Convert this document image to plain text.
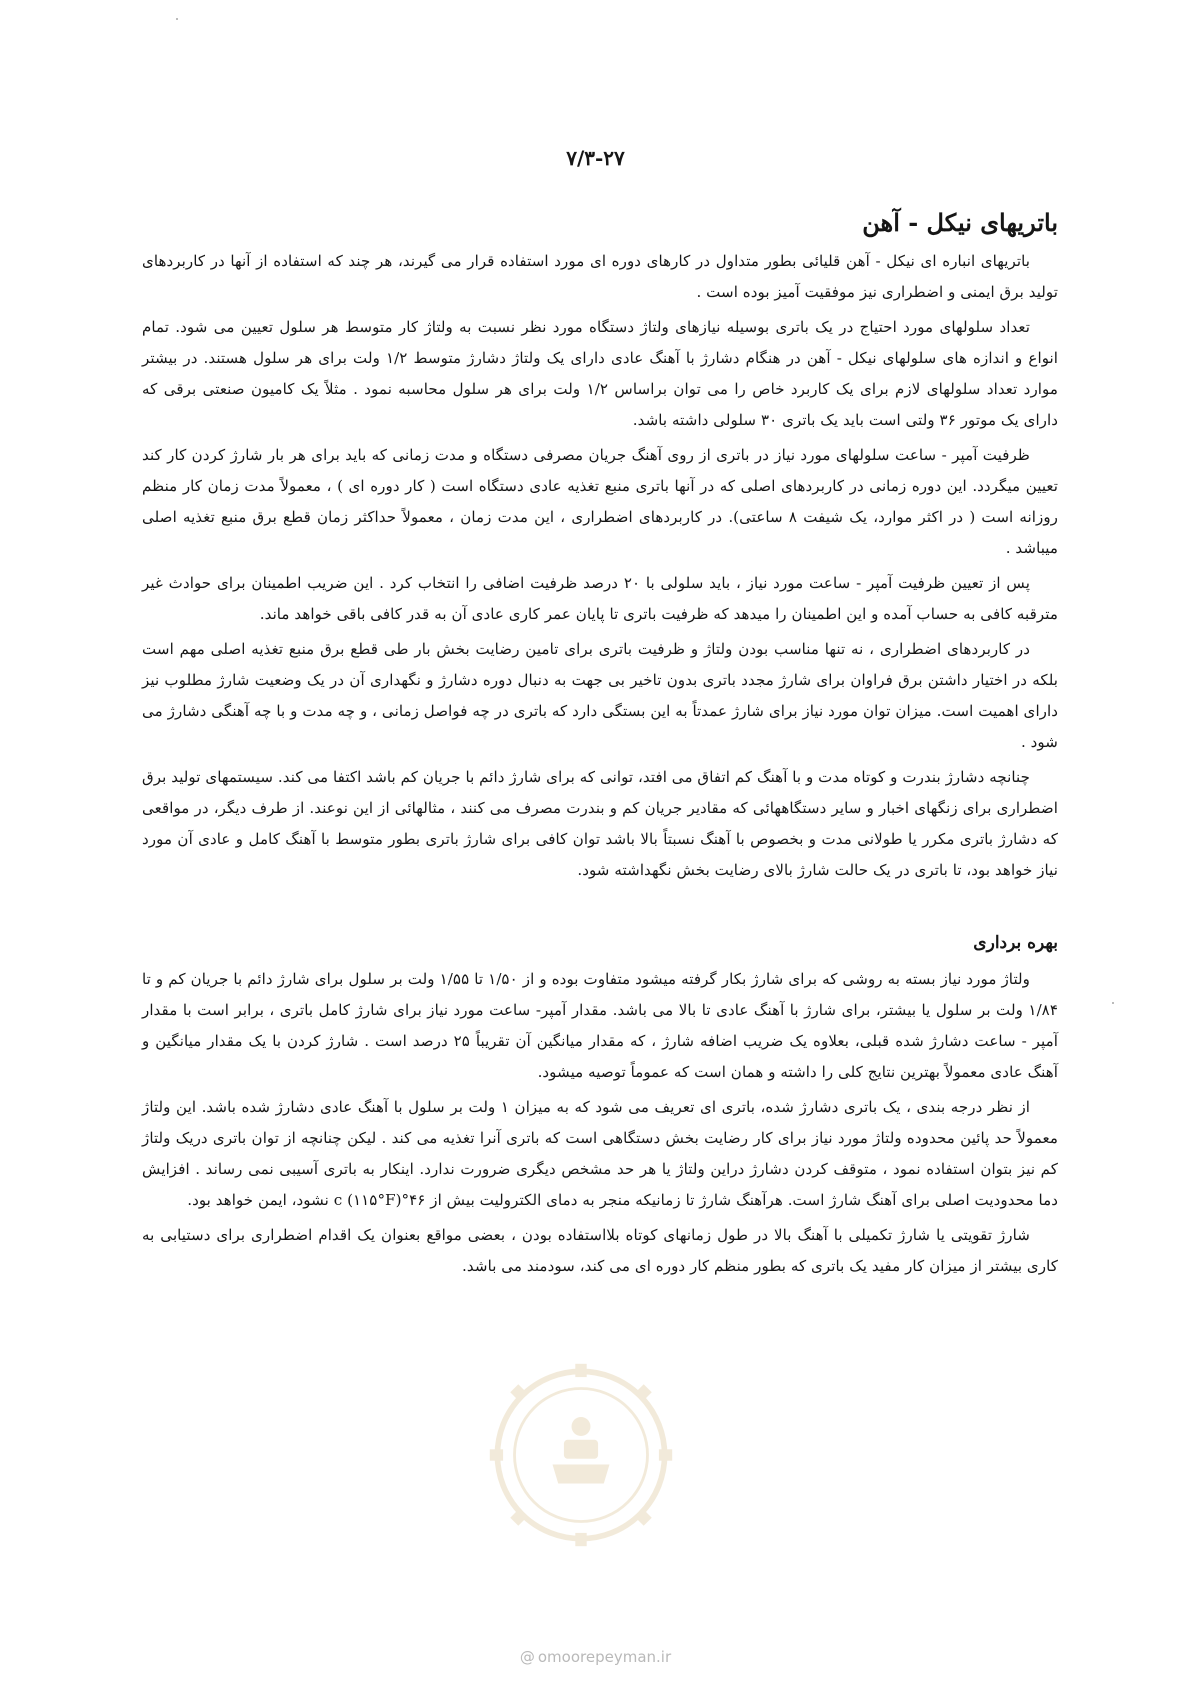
۷/۳-۲۷
باتریهای نیکل - آهن

باتریهای انباره ای نیکل - آهن قلیائی بطور متداول در کارهای دوره ای مورد استفاده قرار می گیرند، هر چند که استفاده از آنها در کاربردهای تولید برق ایمنی و اضطراری نیز موفقیت آمیز بوده است .

تعداد سلولهای مورد احتیاج در یک باتری بوسیله نیازهای ولتاژ دستگاه مورد نظر نسبت به ولتاژ کار متوسط هر سلول تعیین می شود. تمام انواع و اندازه های سلولهای نیکل - آهن در هنگام دشارژ با آهنگ عادی دارای یک ولتاژ دشارژ متوسط ۱/۲ ولت برای هر سلول هستند. در بیشتر موارد تعداد سلولهای لازم برای یک کاربرد خاص را می توان براساس ۱/۲ ولت برای هر سلول محاسبه نمود . مثلاً یک کامیون صنعتی برقی که دارای یک موتور ۳۶ ولتی است باید یک باتری ۳۰ سلولی داشته باشد.

ظرفیت آمپر - ساعت سلولهای مورد نیاز در باتری از روی آهنگ جریان مصرفی دستگاه و مدت زمانی که باید برای هر بار شارژ کردن کار کند تعیین میگردد. این دوره زمانی در کاربردهای اصلی که در آنها باتری منبع تغذیه عادی دستگاه است ( کار دوره ای ) ، معمولاً مدت زمان کار منظم روزانه است ( در اکثر موارد، یک شیفت ۸ ساعتی). در کاربردهای اضطراری ، این مدت زمان ، معمولاً حداکثر زمان قطع برق منبع تغذیه اصلی میباشد .

پس از تعیین ظرفیت آمپر - ساعت مورد نیاز ، باید سلولی با ۲۰ درصد ظرفیت اضافی را انتخاب کرد . این ضریب اطمینان برای حوادث غیر مترقبه کافی به حساب آمده و این اطمینان را میدهد که ظرفیت باتری تا پایان عمر کاری عادی آن به قدر کافی باقی خواهد ماند.

در کاربردهای اضطراری ، نه تنها مناسب بودن ولتاژ و ظرفیت باتری برای تامین رضایت بخش بار طی قطع برق منبع تغذیه اصلی مهم است بلکه در اختیار داشتن برق فراوان برای شارژ مجدد باتری بدون تاخیر بی جهت به دنبال دوره دشارژ و نگهداری آن در یک وضعیت شارژ مطلوب نیز دارای اهمیت است. میزان توان مورد نیاز برای شارژ عمدتاً به این بستگی دارد که باتری در چه فواصل زمانی ، و چه مدت و با چه آهنگی دشارژ می شود .

چنانچه دشارژ بندرت و کوتاه مدت و با آهنگ کم اتفاق می افتد، توانی که برای شارژ دائم با جریان کم باشد اکتفا می کند. سیستمهای تولید برق اضطراری برای زنگهای اخبار و سایر دستگاههائی که مقادیر جریان کم و بندرت مصرف می کنند ، مثالهائی از این نوعند. از طرف دیگر، در مواقعی که دشارژ باتری مکرر یا طولانی مدت و بخصوص با آهنگ نسبتاً بالا باشد توان کافی برای شارژ باتری بطور متوسط با آهنگ کامل و عادی آن مورد نیاز خواهد بود، تا باتری در یک حالت شارژ بالای رضایت بخش نگهداشته شود.

بهره برداری

ولتاژ مورد نیاز بسته به روشی که برای شارژ بکار گرفته میشود متفاوت بوده و از ۱/۵۰ تا ۱/۵۵ ولت بر سلول برای شارژ دائم با جریان کم و تا ۱/۸۴ ولت بر سلول یا بیشتر، برای شارژ با آهنگ عادی تا بالا می باشد. مقدار آمپر- ساعت مورد نیاز برای شارژ کامل باتری ، برابر است با مقدار آمپر - ساعت دشارژ شده قبلی، بعلاوه یک ضریب اضافه شارژ ، که مقدار میانگین آن تقریباً ۲۵ درصد است . شارژ کردن با یک مقدار میانگین و آهنگ عادی معمولاً بهترین نتایج کلی را داشته و همان است که عموماً توصیه میشود.

از نظر درجه بندی ، یک باتری دشارژ شده، باتری ای تعریف می شود که به میزان ۱ ولت بر سلول با آهنگ عادی دشارژ شده باشد. این ولتاژ معمولاً حد پائین محدوده ولتاژ مورد نیاز برای کار رضایت بخش دستگاهی است که باتری آنرا تغذیه می کند . لیکن چنانچه از توان باتری دریک ولتاژ کم نیز بتوان استفاده نمود ، متوقف کردن دشارژ دراین ولتاژ یا هر حد مشخص دیگری ضرورت ندارد. اینکار به باتری آسیبی نمی رساند . افزایش دما محدودیت اصلی برای آهنگ شارژ است. هرآهنگ شارژ تا زمانیکه منجر به دمای الکترولیت بیش از ۴۶°c (۱۱۵°F) نشود، ایمن خواهد بود.

شارژ تقویتی یا شارژ تکمیلی با آهنگ بالا در طول زمانهای کوتاه بلااستفاده بودن ، بعضی مواقع بعنوان یک اقدام اضطراری برای دستیابی به کاری بیشتر از میزان کار مفید یک باتری که بطور منظم کار دوره ای می کند، سودمند می باشد.

@ omoorepeyman.ir
